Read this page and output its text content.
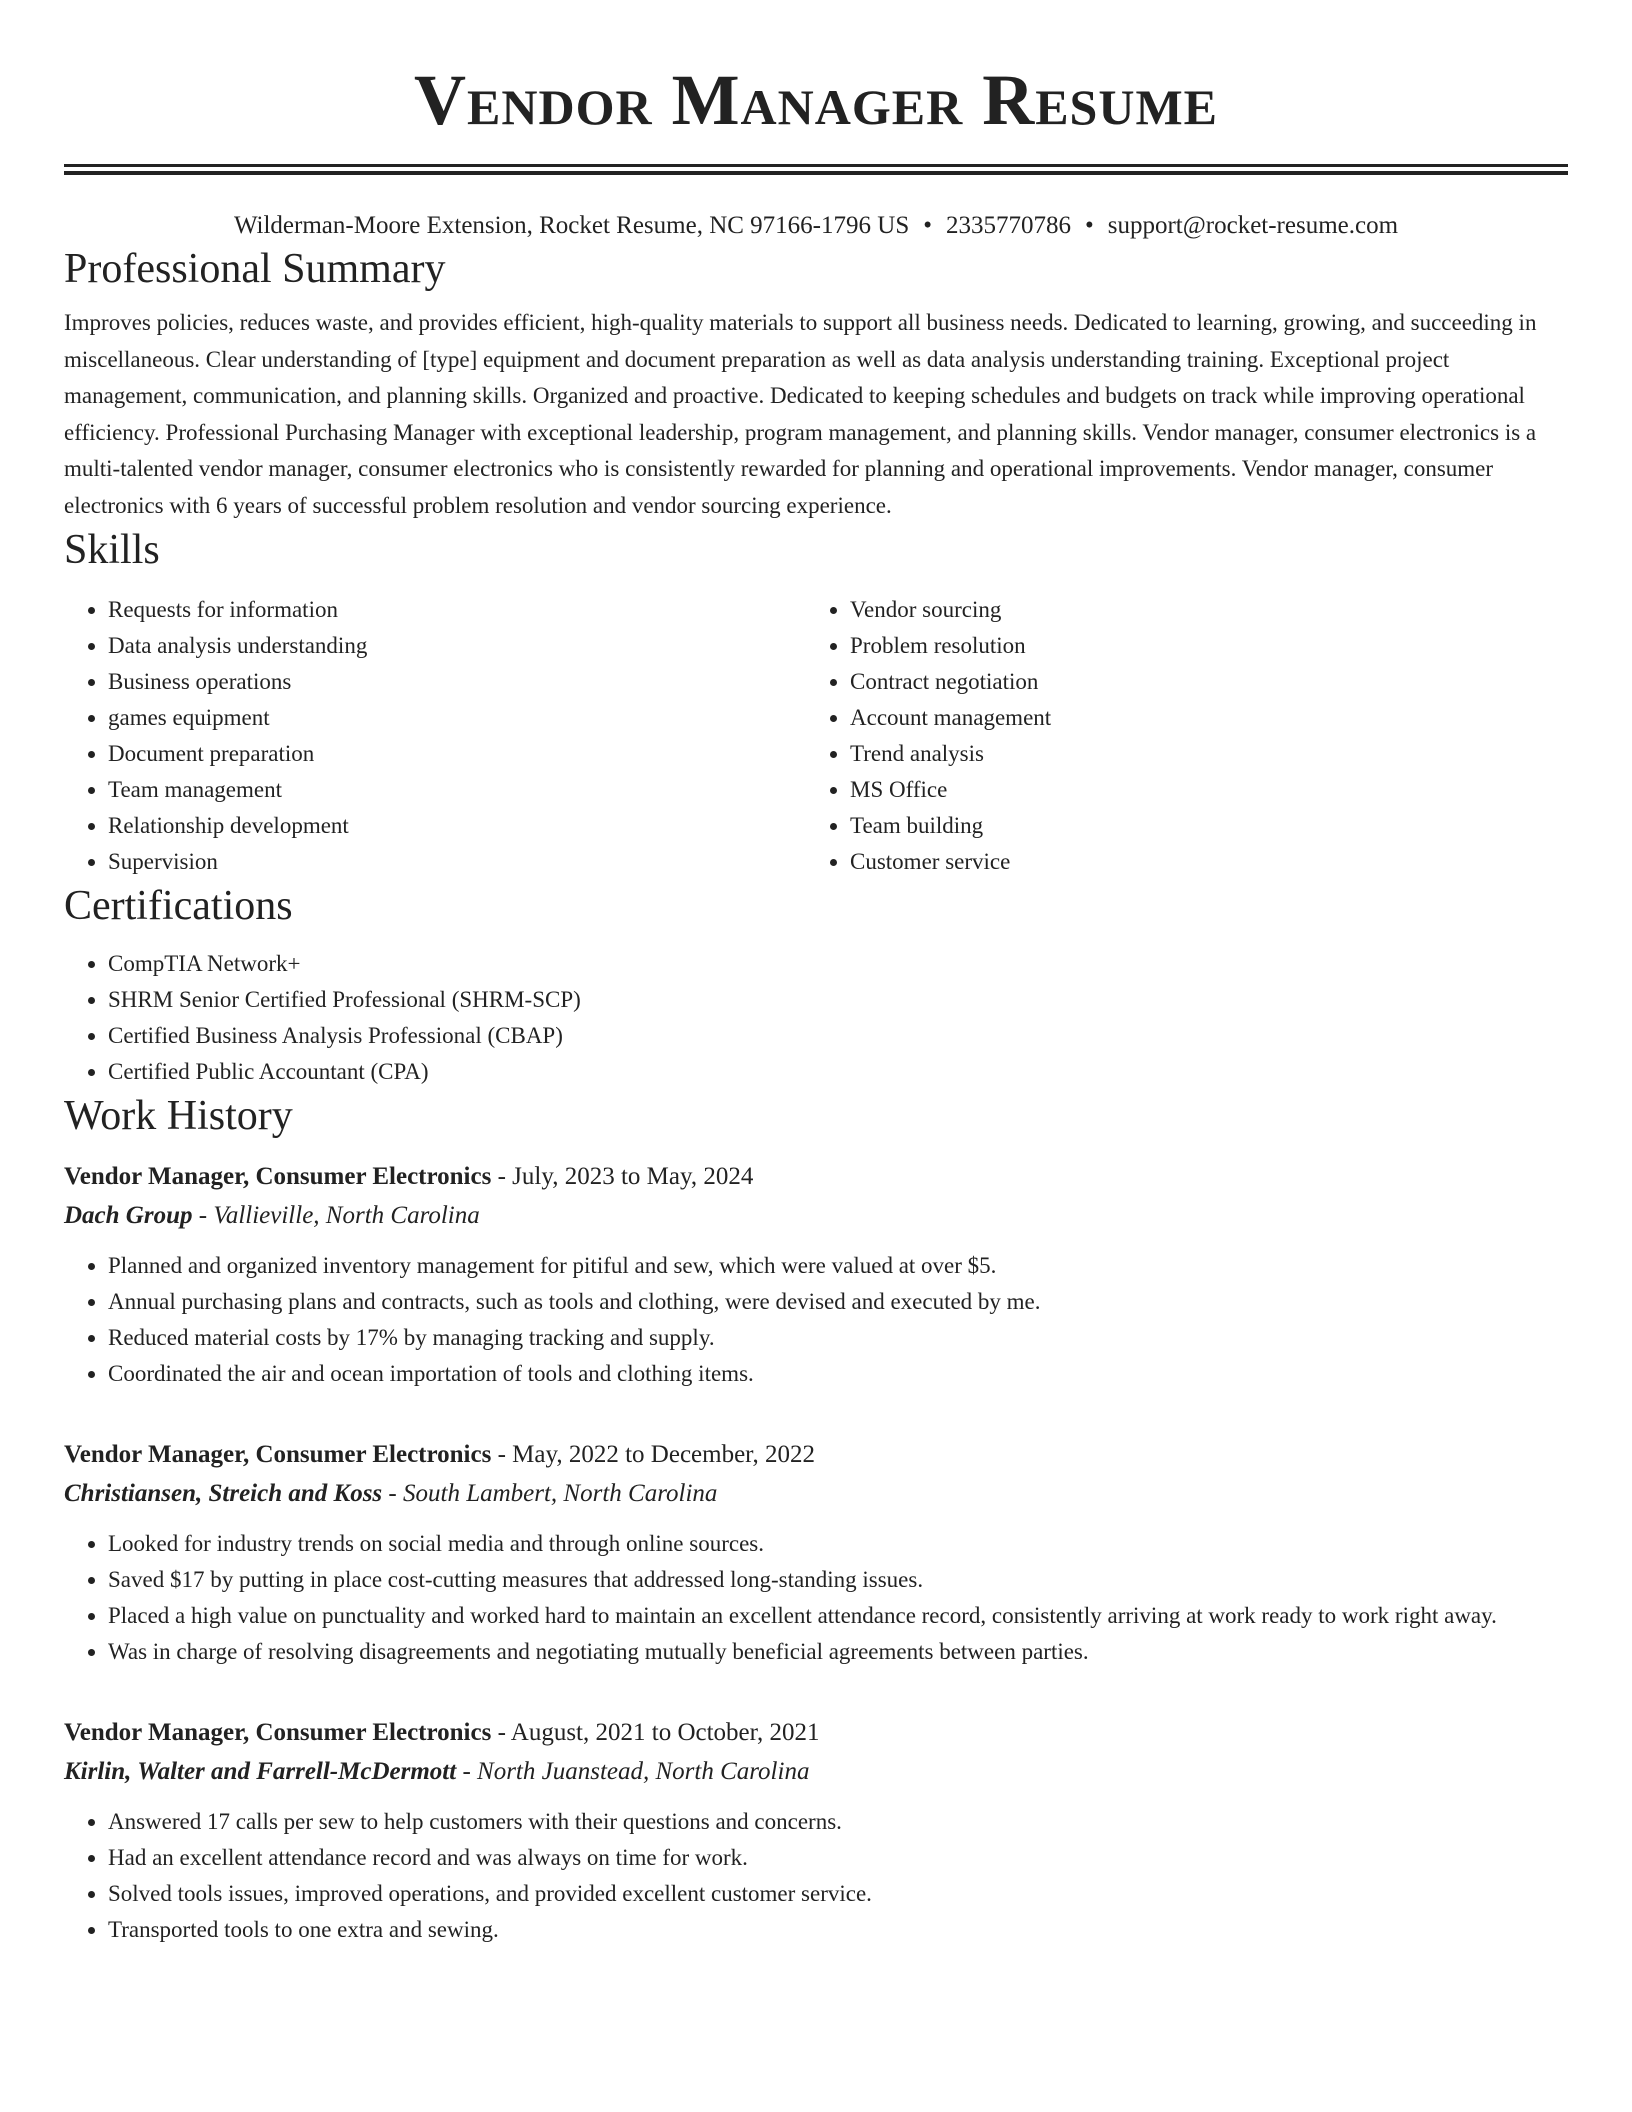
Vendor Manager Resume
Wilderman-Moore Extension, Rocket Resume, NC 97166-1796 US • 2335770786 • support@rocket-resume.com
Professional Summary

Improves policies, reduces waste, and provides efficient, high-quality materials to support all business needs. Dedicated to learning, growing, and succeeding in miscellaneous. Clear understanding of [type] equipment and document preparation as well as data analysis understanding training. Exceptional project management, communication, and planning skills. Organized and proactive. Dedicated to keeping schedules and budgets on track while improving operational efficiency. Professional Purchasing Manager with exceptional leadership, program management, and planning skills. Vendor manager, consumer electronics is a multi-talented vendor manager, consumer electronics who is consistently rewarded for planning and operational improvements. Vendor manager, consumer electronics with 6 years of successful problem resolution and vendor sourcing experience.

Skills
• Requests for information
• Data analysis understanding
• Business operations
• games equipment
• Document preparation
• Team management
• Relationship development
• Supervision
• Vendor sourcing
• Problem resolution
• Contract negotiation
• Account management
• Trend analysis
• MS Office
• Team building
• Customer service
Certifications
• CompTIA Network+
• SHRM Senior Certified Professional (SHRM-SCP)
• Certified Business Analysis Professional (CBAP)
• Certified Public Accountant (CPA)
Work History
Vendor Manager, Consumer Electronics - July, 2023 to May, 2024
Dach Group - Vallieville, North Carolina
• Planned and organized inventory management for pitiful and sew, which were valued at over $5.
• Annual purchasing plans and contracts, such as tools and clothing, were devised and executed by me.
• Reduced material costs by 17% by managing tracking and supply.
• Coordinated the air and ocean importation of tools and clothing items.
Vendor Manager, Consumer Electronics - May, 2022 to December, 2022
Christiansen, Streich and Koss - South Lambert, North Carolina
• Looked for industry trends on social media and through online sources.
• Saved $17 by putting in place cost-cutting measures that addressed long-standing issues.
• Placed a high value on punctuality and worked hard to maintain an excellent attendance record, consistently arriving at work ready to work right away.
• Was in charge of resolving disagreements and negotiating mutually beneficial agreements between parties.
Vendor Manager, Consumer Electronics - August, 2021 to October, 2021
Kirlin, Walter and Farrell-McDermott - North Juanstead, North Carolina
• Answered 17 calls per sew to help customers with their questions and concerns.
• Had an excellent attendance record and was always on time for work.
• Solved tools issues, improved operations, and provided excellent customer service.
• Transported tools to one extra and sewing.
